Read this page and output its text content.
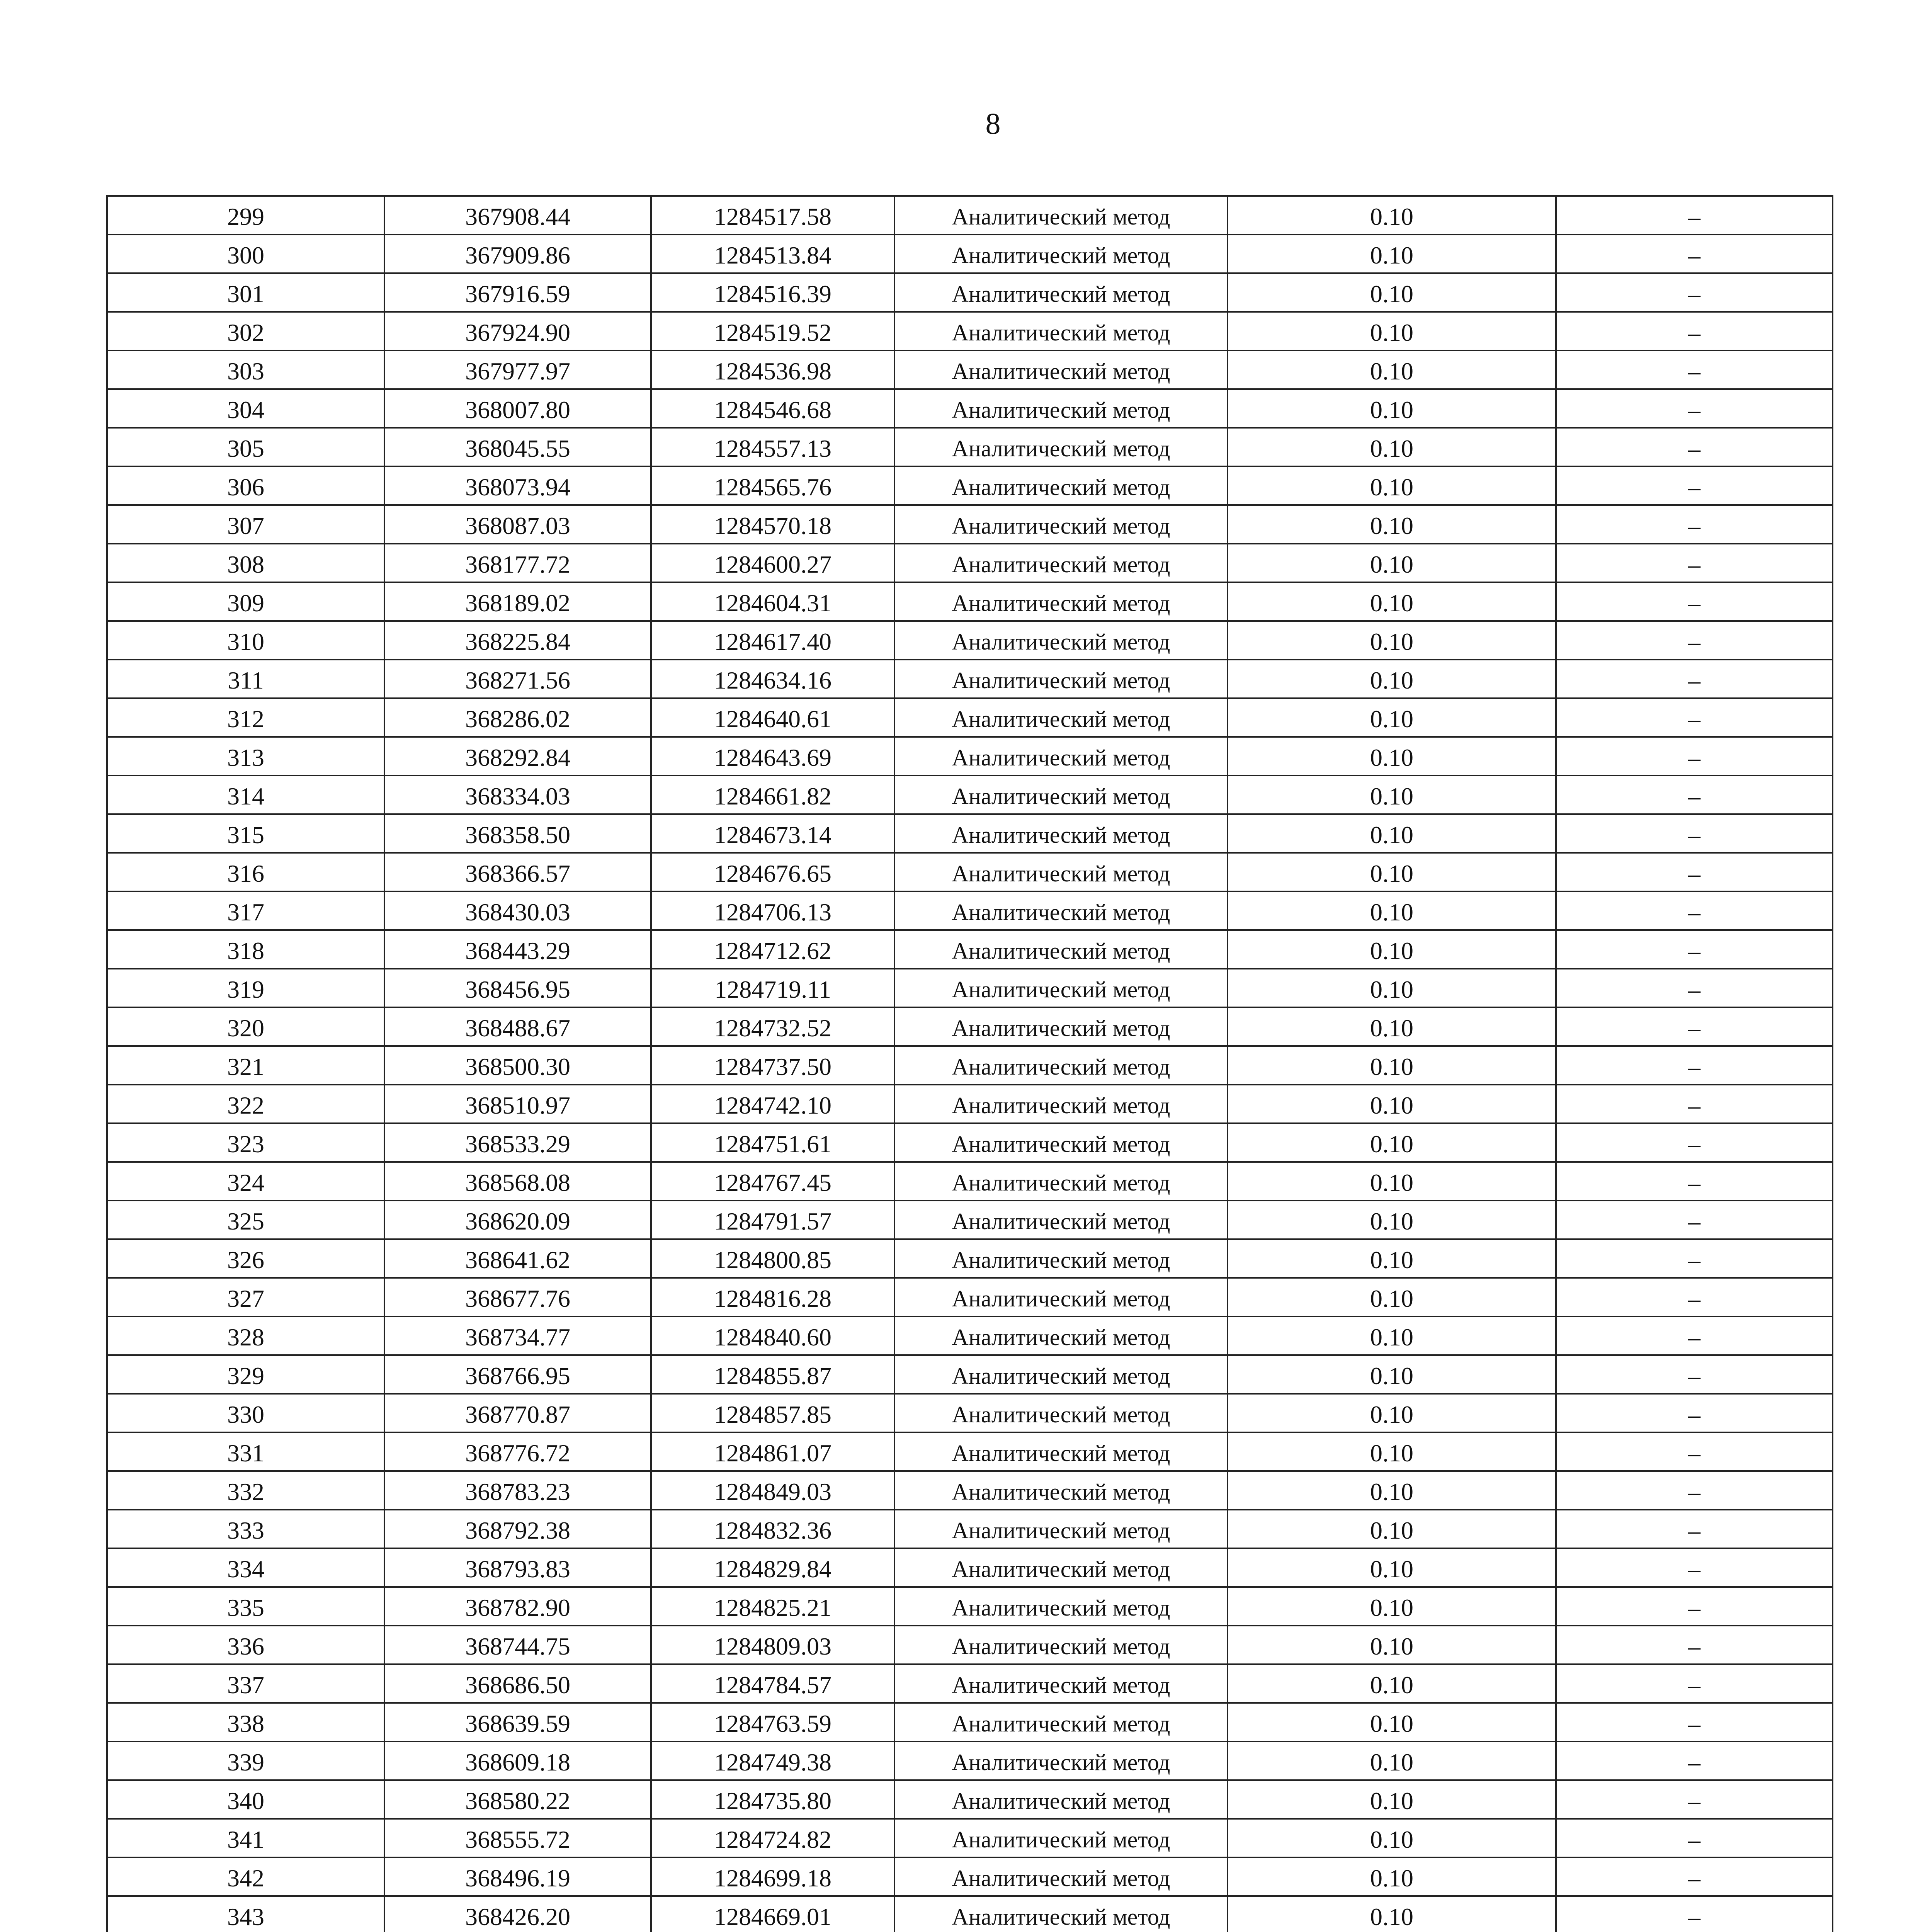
8
299	367908.44	1284517.58	Аналитический метод	0.10	–
300	367909.86	1284513.84	Аналитический метод	0.10	–
301	367916.59	1284516.39	Аналитический метод	0.10	–
302	367924.90	1284519.52	Аналитический метод	0.10	–
303	367977.97	1284536.98	Аналитический метод	0.10	–
304	368007.80	1284546.68	Аналитический метод	0.10	–
305	368045.55	1284557.13	Аналитический метод	0.10	–
306	368073.94	1284565.76	Аналитический метод	0.10	–
307	368087.03	1284570.18	Аналитический метод	0.10	–
308	368177.72	1284600.27	Аналитический метод	0.10	–
309	368189.02	1284604.31	Аналитический метод	0.10	–
310	368225.84	1284617.40	Аналитический метод	0.10	–
311	368271.56	1284634.16	Аналитический метод	0.10	–
312	368286.02	1284640.61	Аналитический метод	0.10	–
313	368292.84	1284643.69	Аналитический метод	0.10	–
314	368334.03	1284661.82	Аналитический метод	0.10	–
315	368358.50	1284673.14	Аналитический метод	0.10	–
316	368366.57	1284676.65	Аналитический метод	0.10	–
317	368430.03	1284706.13	Аналитический метод	0.10	–
318	368443.29	1284712.62	Аналитический метод	0.10	–
319	368456.95	1284719.11	Аналитический метод	0.10	–
320	368488.67	1284732.52	Аналитический метод	0.10	–
321	368500.30	1284737.50	Аналитический метод	0.10	–
322	368510.97	1284742.10	Аналитический метод	0.10	–
323	368533.29	1284751.61	Аналитический метод	0.10	–
324	368568.08	1284767.45	Аналитический метод	0.10	–
325	368620.09	1284791.57	Аналитический метод	0.10	–
326	368641.62	1284800.85	Аналитический метод	0.10	–
327	368677.76	1284816.28	Аналитический метод	0.10	–
328	368734.77	1284840.60	Аналитический метод	0.10	–
329	368766.95	1284855.87	Аналитический метод	0.10	–
330	368770.87	1284857.85	Аналитический метод	0.10	–
331	368776.72	1284861.07	Аналитический метод	0.10	–
332	368783.23	1284849.03	Аналитический метод	0.10	–
333	368792.38	1284832.36	Аналитический метод	0.10	–
334	368793.83	1284829.84	Аналитический метод	0.10	–
335	368782.90	1284825.21	Аналитический метод	0.10	–
336	368744.75	1284809.03	Аналитический метод	0.10	–
337	368686.50	1284784.57	Аналитический метод	0.10	–
338	368639.59	1284763.59	Аналитический метод	0.10	–
339	368609.18	1284749.38	Аналитический метод	0.10	–
340	368580.22	1284735.80	Аналитический метод	0.10	–
341	368555.72	1284724.82	Аналитический метод	0.10	–
342	368496.19	1284699.18	Аналитический метод	0.10	–
343	368426.20	1284669.01	Аналитический метод	0.10	–
